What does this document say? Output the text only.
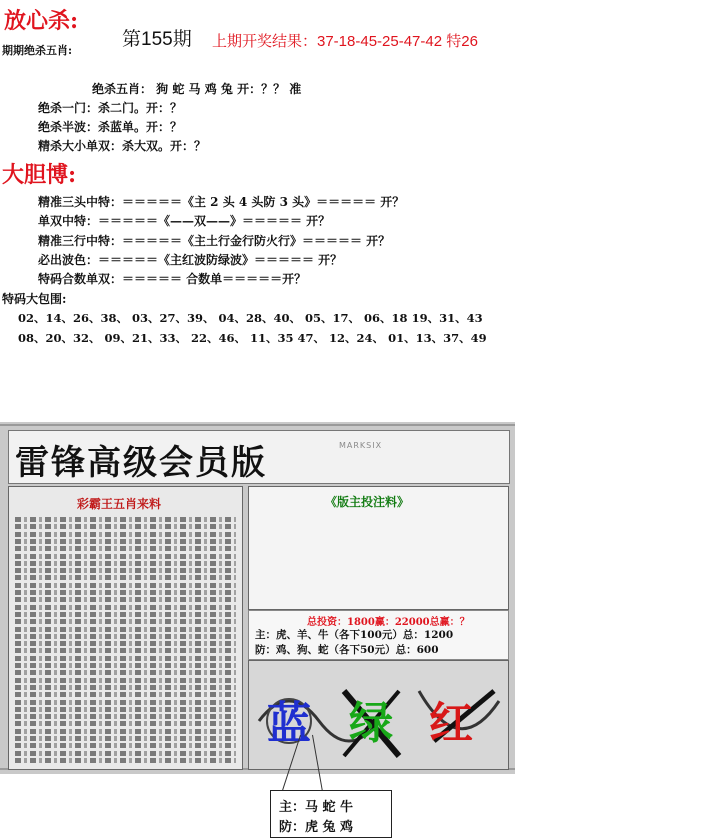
放心杀:
期期绝杀五肖:
第155期 上期开奖结果：37-18-45-25-47-42 特26
绝杀五肖： 狗 蛇 马 鸡 兔 开：？？ 准
绝杀一门：杀二门。开：？
绝杀半波：杀蓝单。开：？
精杀大小单双：杀大双。开：？
大胆博:
精准三头中特：＝＝＝＝＝《主 2 头 4 头防 3 头》＝＝＝＝＝ 开？
单双中特：＝＝＝＝＝《——双——》＝＝＝＝＝ 开？
精准三行中特：＝＝＝＝＝《主土行金行防火行》＝＝＝＝＝ 开？
必出波色：＝＝＝＝＝《主红波防绿波》＝＝＝＝＝ 开？
特码合数单双：＝＝＝＝＝ 合数单＝＝＝＝＝开？
特码大包围:
02、14、26、38、 03、27、39、 04、28、40、 05、17、 06、18 19、31、43
08、20、32、 09、21、33、 22、46、 11、35 47、 12、24、 01、13、37、49
雷锋高级会员版	MARKSIX
彩霸王五肖来料	《版主投注料》
总投资：1800赢：22000总赢：？
主：虎、羊、牛（各下100元）总：1200
防：鸡、狗、蛇（各下50元）总：600
蓝 绿 红
主：马 蛇 牛
防：虎 兔 鸡
